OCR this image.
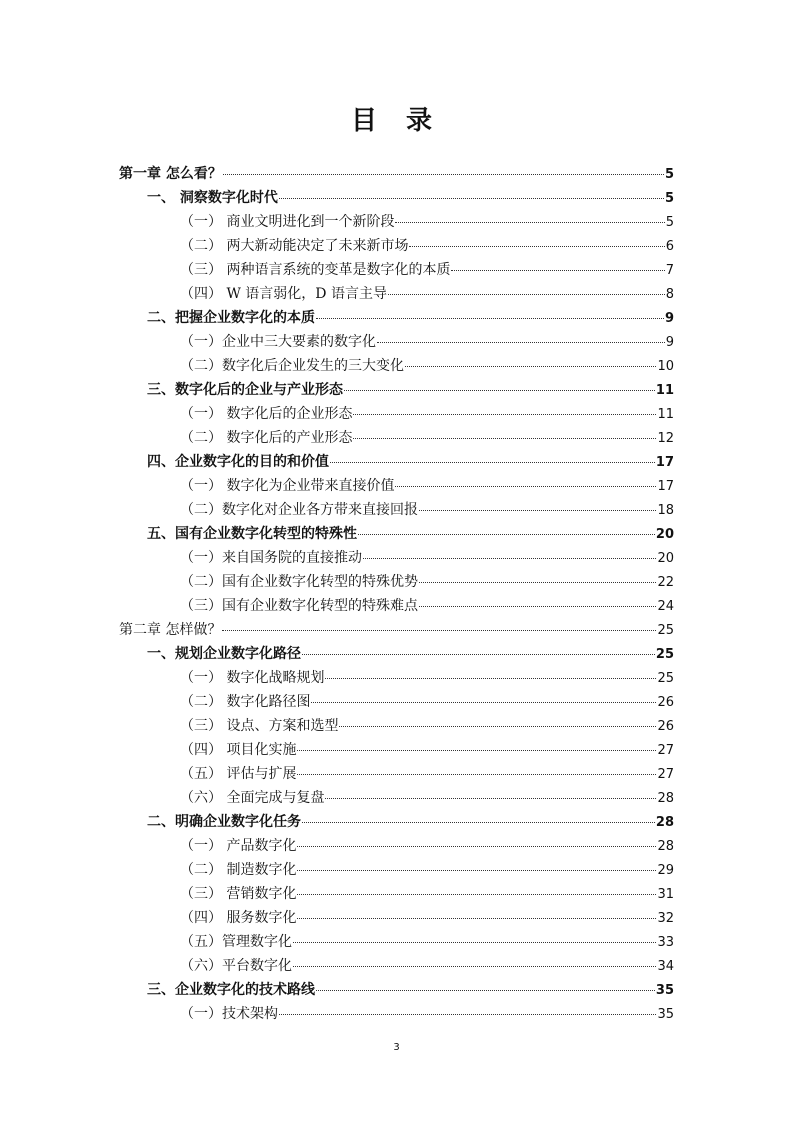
目 录
第一章 怎么看？	5
一、 洞察数字化时代	5
（一） 商业文明进化到一个新阶段	5
（二） 两大新动能决定了未来新市场	6
（三） 两种语言系统的变革是数字化的本质	7
（四） W 语言弱化，D 语言主导	8
二、把握企业数字化的本质	9
（一）企业中三大要素的数字化	9
（二）数字化后企业发生的三大变化	10
三、数字化后的企业与产业形态	11
（一） 数字化后的企业形态	11
（二） 数字化后的产业形态	12
四、企业数字化的目的和价值	17
（一） 数字化为企业带来直接价值	17
（二）数字化对企业各方带来直接回报	18
五、国有企业数字化转型的特殊性	20
（一）来自国务院的直接推动	20
（二）国有企业数字化转型的特殊优势	22
（三）国有企业数字化转型的特殊难点	24
第二章 怎样做？	25
一、规划企业数字化路径	25
（一） 数字化战略规划	25
（二） 数字化路径图	26
（三） 设点、方案和选型	26
（四） 项目化实施	27
（五） 评估与扩展	27
（六） 全面完成与复盘	28
二、明确企业数字化任务	28
（一） 产品数字化	28
（二） 制造数字化	29
（三） 营销数字化	31
（四） 服务数字化	32
（五）管理数字化	33
（六）平台数字化	34
三、企业数字化的技术路线	35
（一）技术架构	35
3
